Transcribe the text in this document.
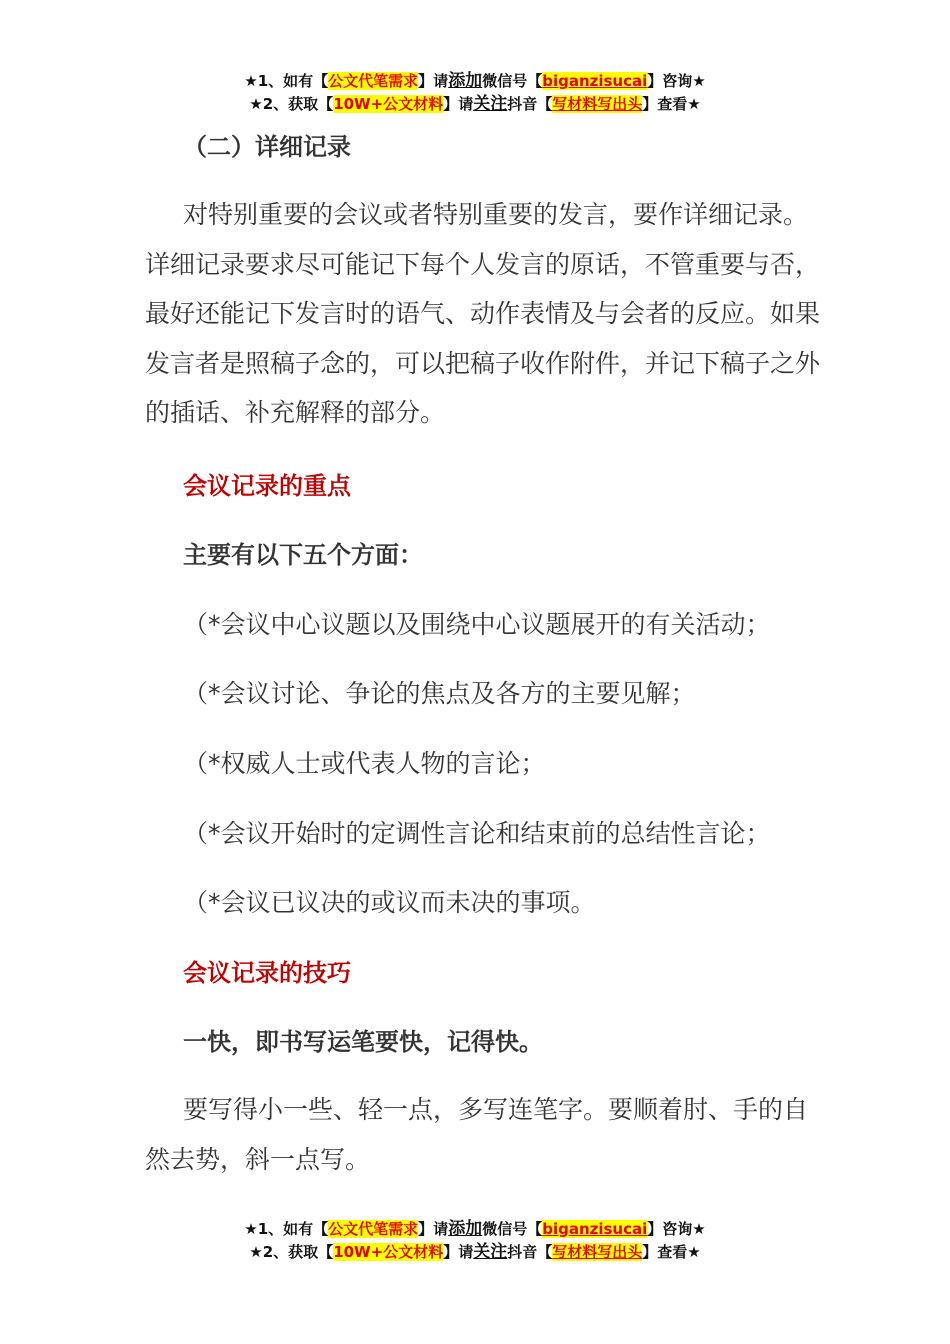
★1、如有【公文代笔需求】请添加微信号【biganzisucai】咨询★
★2、获取【10W+公文材料】请关注抖音【写材料写出头】查看★
（二）详细记录
对特别重要的会议或者特别重要的发言，要作详细记录。详细记录要求尽可能记下每个人发言的原话，不管重要与否，最好还能记下发言时的语气、动作表情及与会者的反应。如果发言者是照稿子念的，可以把稿子收作附件，并记下稿子之外的插话、补充解释的部分。
会议记录的重点
主要有以下五个方面：
（*会议中心议题以及围绕中心议题展开的有关活动；
（*会议讨论、争论的焦点及各方的主要见解；
（*权威人士或代表人物的言论；
（*会议开始时的定调性言论和结束前的总结性言论；
（*会议已议决的或议而未决的事项。
会议记录的技巧
一快，即书写运笔要快，记得快。
要写得小一些、轻一点，多写连笔字。要顺着肘、手的自然去势，斜一点写。
★1、如有【公文代笔需求】请添加微信号【biganzisucai】咨询★
★2、获取【10W+公文材料】请关注抖音【写材料写出头】查看★
